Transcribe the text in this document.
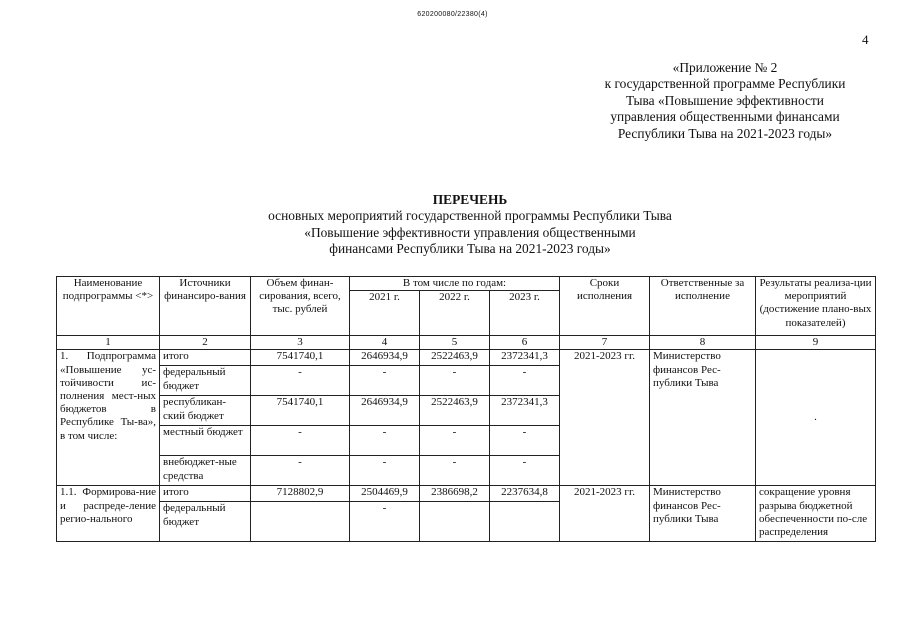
620200080/22380(4)
4
«Приложение № 2
к государственной программе Республики
Тыва «Повышение эффективности
управления общественными финансами
Республики Тыва на 2021-2023 годы»
ПЕРЕЧЕНЬ
основных мероприятий государственной программы Республики Тыва
«Повышение эффективности управления общественными
финансами Республики Тыва на 2021-2023 годы»
Наименование подпрограммы <*>	Источники финансиро-вания	Объем финан-сирования, всего, тыс. рублей	В том числе по годам:			Сроки исполнения	Ответственные за исполнение	Результаты реализа-ции мероприятий (достижение плано-вых показателей)
			2021 г.	2022 г.	2023 г.			
1	2	3	4	5	6	7	8	9
1. Подпрограмма «Повышение ус-тойчивости ис-полнения мест-ных бюджетов в Республике Ты-ва», в том числе:	итого	7541740,1	2646934,9	2522463,9	2372341,3	2021-2023 гг.	Министерство финансов Рес-публики Тыва	.
	федеральный бюджет	-	-	-	-			
	республикан-ский бюджет	7541740,1	2646934,9	2522463,9	2372341,3			
	местный бюджет	-	-	-	-			
	внебюджет-ные средства	-	-	-	-			
1.1. Формирова-ние и распреде-ление регио-нального	итого	7128802,9	2504469,9	2386698,2	2237634,8	2021-2023 гг.	Министерство финансов Рес-публики Тыва	сокращение уровня разрыва бюджетной обеспеченности по-сле распределения
	федеральный бюджет		-					
